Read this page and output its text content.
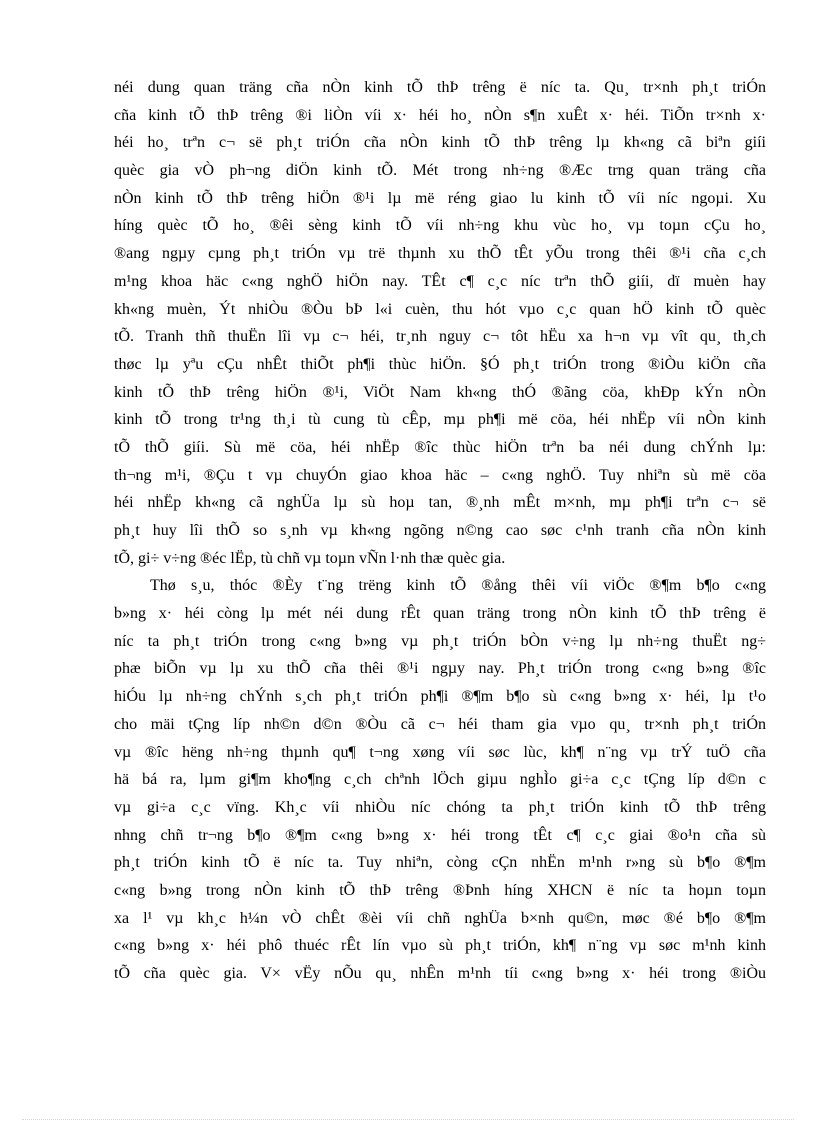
néi dung quan träng cña nÒn kinh tÕ thÞ trêng ë níc ta. Qu¸ tr×nh ph¸t triÓn
cña kinh tÕ thÞ trêng ®i liÒn víi x· héi ho¸ nÒn s¶n xuÊt x· héi. TiÕn tr×nh x·
héi ho¸ trªn c¬ së ph¸t triÓn cña nÒn kinh tÕ thÞ trêng lµ kh«ng cã biªn giíi
quèc gia vÒ ph¬ng diÖn kinh tÕ. Mét trong nh÷ng ®Æc trng quan träng cña
nÒn kinh tÕ thÞ trêng hiÖn ®¹i lµ më réng giao lu kinh tÕ víi níc ngoµi. Xu
híng quèc tÕ ho¸ ®êi sèng kinh tÕ víi nh÷ng khu vùc ho¸ vµ toµn cÇu ho¸
®ang ngµy cµng ph¸t triÓn vµ trë thµnh xu thÕ tÊt yÕu trong thêi ®¹i cña c¸ch
m¹ng khoa häc c«ng nghÖ hiÖn nay. TÊt c¶ c¸c níc trªn thÕ giíi, dï muèn hay
kh«ng muèn, Ýt nhiÒu ®Òu bÞ l«i cuèn, thu hót vµo c¸c quan hÖ kinh tÕ quèc
tÕ. Tranh thñ thuËn lîi vµ c¬ héi, tr¸nh nguy c¬ tôt hËu xa h¬n vµ vît qu¸ th¸ch
thøc lµ yªu cÇu nhÊt thiÕt ph¶i thùc hiÖn. §Ó ph¸t triÓn trong ®iÒu kiÖn cña
kinh tÕ thÞ trêng hiÖn ®¹i, ViÖt Nam kh«ng thÓ ®ãng cöa, khÐp kÝn nÒn
kinh tÕ trong tr¹ng th¸i tù cung tù cÊp, mµ ph¶i më cöa, héi nhËp víi nÒn kinh
tÕ thÕ giíi. Sù më cöa, héi nhËp ®îc thùc hiÖn trªn ba néi dung chÝnh lµ:
th¬ng m¹i, ®Çu t vµ chuyÓn giao khoa häc – c«ng nghÖ. Tuy nhiªn sù më cöa
héi nhËp kh«ng cã nghÜa lµ sù hoµ tan, ®¸nh mÊt m×nh, mµ ph¶i trªn c¬ së
ph¸t huy lîi thÕ so s¸nh vµ kh«ng ngõng n©ng cao søc c¹nh tranh cña nÒn kinh
tÕ, gi÷ v÷ng ®éc lËp, tù chñ vµ toµn vÑn l·nh thæ quèc gia.
Thø s¸u, thóc ®Èy t¨ng trëng kinh tÕ ®ång thêi víi viÖc ®¶m b¶o c«ng
b»ng x· héi còng lµ mét néi dung rÊt quan träng trong nÒn kinh tÕ thÞ trêng ë
níc ta ph¸t triÓn trong c«ng b»ng vµ ph¸t triÓn bÒn v÷ng lµ nh÷ng thuËt ng÷
phæ biÕn vµ lµ xu thÕ cña thêi ®¹i ngµy nay. Ph¸t triÓn trong c«ng b»ng ®îc
hiÓu lµ nh÷ng chÝnh s¸ch ph¸t triÓn ph¶i ®¶m b¶o sù c«ng b»ng x· héi, lµ t¹o
cho mäi tÇng líp nh©n d©n ®Òu cã c¬ héi tham gia vµo qu¸ tr×nh ph¸t triÓn
vµ ®îc hëng nh÷ng thµnh qu¶ t¬ng xøng víi søc lùc, kh¶ n¨ng vµ trÝ tuÖ cña
hä bá ra, lµm gi¶m kho¶ng c¸ch chªnh lÖch giµu nghÌo gi÷a c¸c tÇng líp d©n c
vµ gi÷a c¸c vïng. Kh¸c víi nhiÒu níc chóng ta ph¸t triÓn kinh tÕ thÞ trêng
nhng chñ tr¬ng b¶o ®¶m c«ng b»ng x· héi trong tÊt c¶ c¸c giai ®o¹n cña sù
ph¸t triÓn kinh tÕ ë níc ta. Tuy nhiªn, còng cÇn nhËn m¹nh r»ng sù b¶o ®¶m
c«ng b»ng trong nÒn kinh tÕ thÞ trêng ®Þnh híng XHCN ë níc ta hoµn toµn
xa l¹ vµ kh¸c h¼n vÒ chÊt ®èi víi chñ nghÜa b×nh qu©n, møc ®é b¶o ®¶m
c«ng b»ng x· héi phô thuéc rÊt lín vµo sù ph¸t triÓn, kh¶ n¨ng vµ søc m¹nh kinh
tÕ cña quèc gia. V× vËy nÕu qu¸ nhÊn m¹nh tíi c«ng b»ng x· héi trong ®iÒu
